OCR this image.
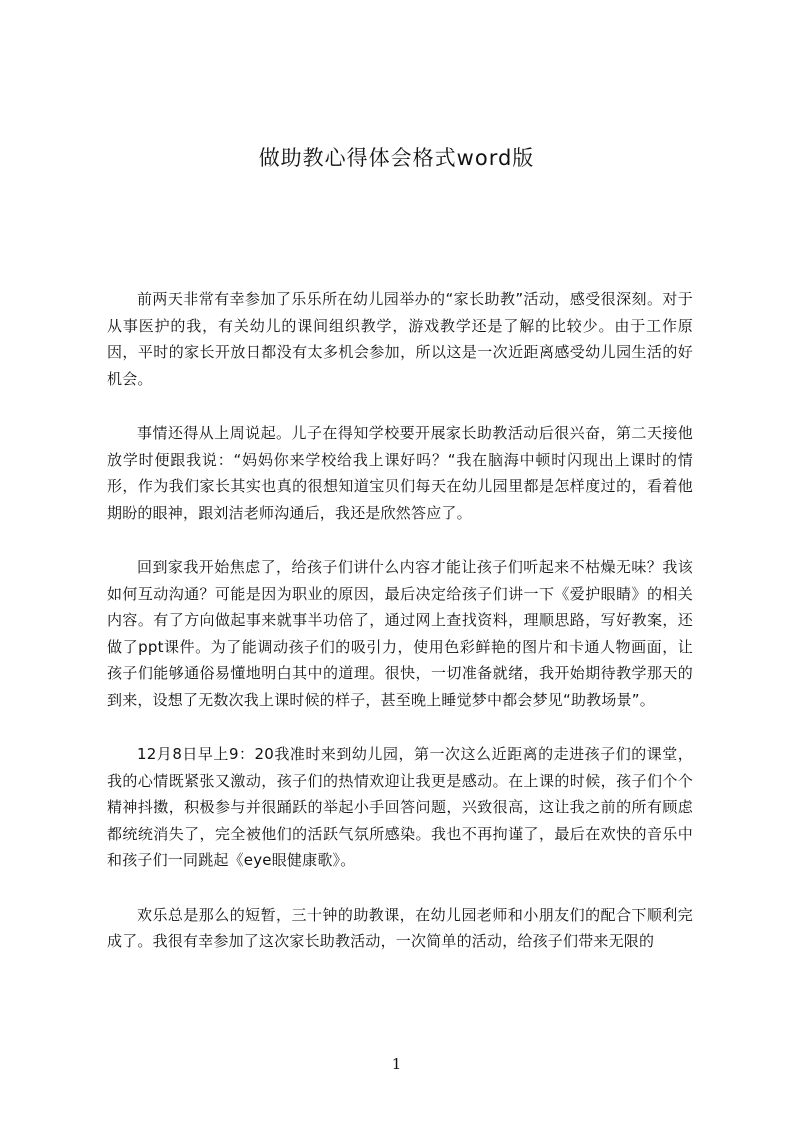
做助教心得体会格式word版

前两天非常有幸参加了乐乐所在幼儿园举办的“家长助教”活动，感受很深刻。对于从事医护的我，有关幼儿的课间组织教学，游戏教学还是了解的比较少。由于工作原因，平时的家长开放日都没有太多机会参加，所以这是一次近距离感受幼儿园生活的好机会。

事情还得从上周说起。儿子在得知学校要开展家长助教活动后很兴奋，第二天接他放学时便跟我说：“妈妈你来学校给我上课好吗？“我在脑海中顿时闪现出上课时的情形，作为我们家长其实也真的很想知道宝贝们每天在幼儿园里都是怎样度过的，看着他期盼的眼神，跟刘洁老师沟通后，我还是欣然答应了。

回到家我开始焦虑了，给孩子们讲什么内容才能让孩子们听起来不枯燥无味？我该如何互动沟通？可能是因为职业的原因，最后决定给孩子们讲一下《爱护眼睛》的相关内容。有了方向做起事来就事半功倍了，通过网上查找资料，理顺思路，写好教案，还做了ppt课件。为了能调动孩子们的吸引力，使用色彩鲜艳的图片和卡通人物画面，让孩子们能够通俗易懂地明白其中的道理。很快，一切准备就绪，我开始期待教学那天的到来，设想了无数次我上课时候的样子，甚至晚上睡觉梦中都会梦见“助教场景”。

12月8日早上9：20我准时来到幼儿园，第一次这么近距离的走进孩子们的课堂，我的心情既紧张又激动，孩子们的热情欢迎让我更是感动。在上课的时候，孩子们个个精神抖擞，积极参与并很踊跃的举起小手回答问题，兴致很高，这让我之前的所有顾虑都统统消失了，完全被他们的活跃气氛所感染。我也不再拘谨了，最后在欢快的音乐中和孩子们一同跳起《eye眼健康歌》。

欢乐总是那么的短暂，三十钟的助教课，在幼儿园老师和小朋友们的配合下顺利完成了。我很有幸参加了这次家长助教活动，一次简单的活动，给孩子们带来无限的

1
